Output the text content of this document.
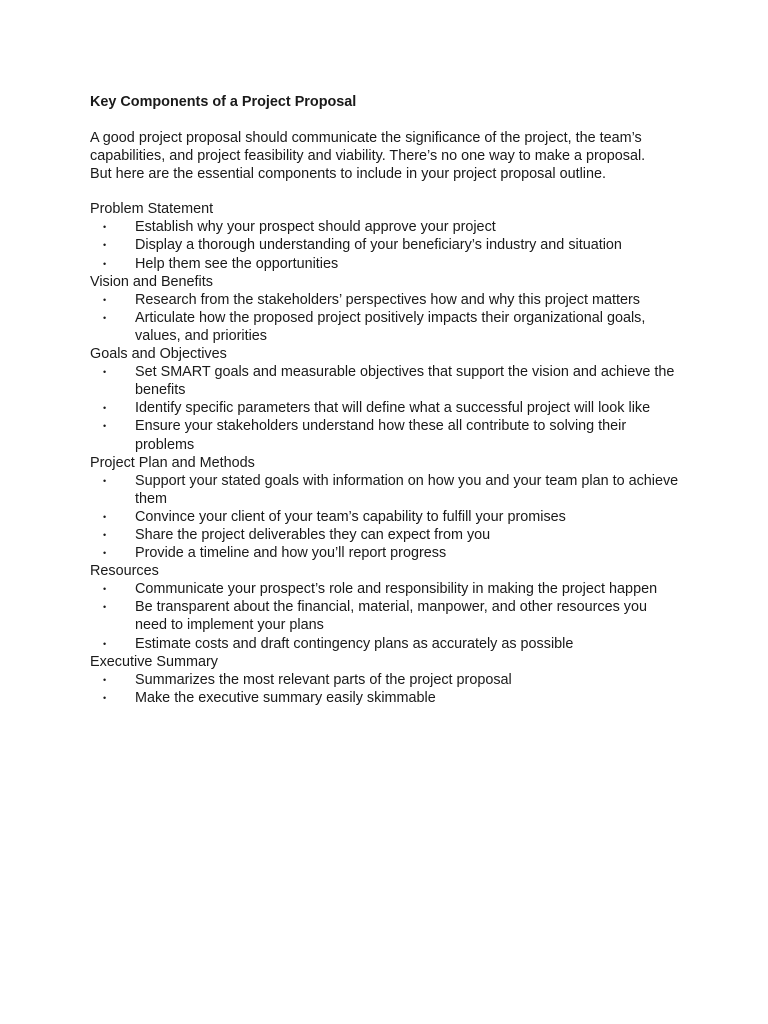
Key Components of a Project Proposal
A good project proposal should communicate the significance of the project, the team’s capabilities, and project feasibility and viability. There’s no one way to make a proposal. But here are the essential components to include in your project proposal outline.
Problem Statement
• Establish why your prospect should approve your project
• Display a thorough understanding of your beneficiary’s industry and situation
• Help them see the opportunities
Vision and Benefits
• Research from the stakeholders’ perspectives how and why this project matters
• Articulate how the proposed project positively impacts their organizational goals, values, and priorities
Goals and Objectives
• Set SMART goals and measurable objectives that support the vision and achieve the benefits
• Identify specific parameters that will define what a successful project will look like
• Ensure your stakeholders understand how these all contribute to solving their problems
Project Plan and Methods
• Support your stated goals with information on how you and your team plan to achieve them
• Convince your client of your team’s capability to fulfill your promises
• Share the project deliverables they can expect from you
• Provide a timeline and how you’ll report progress
Resources
• Communicate your prospect’s role and responsibility in making the project happen
• Be transparent about the financial, material, manpower, and other resources you need to implement your plans
• Estimate costs and draft contingency plans as accurately as possible
Executive Summary
• Summarizes the most relevant parts of the project proposal
• Make the executive summary easily skimmable
